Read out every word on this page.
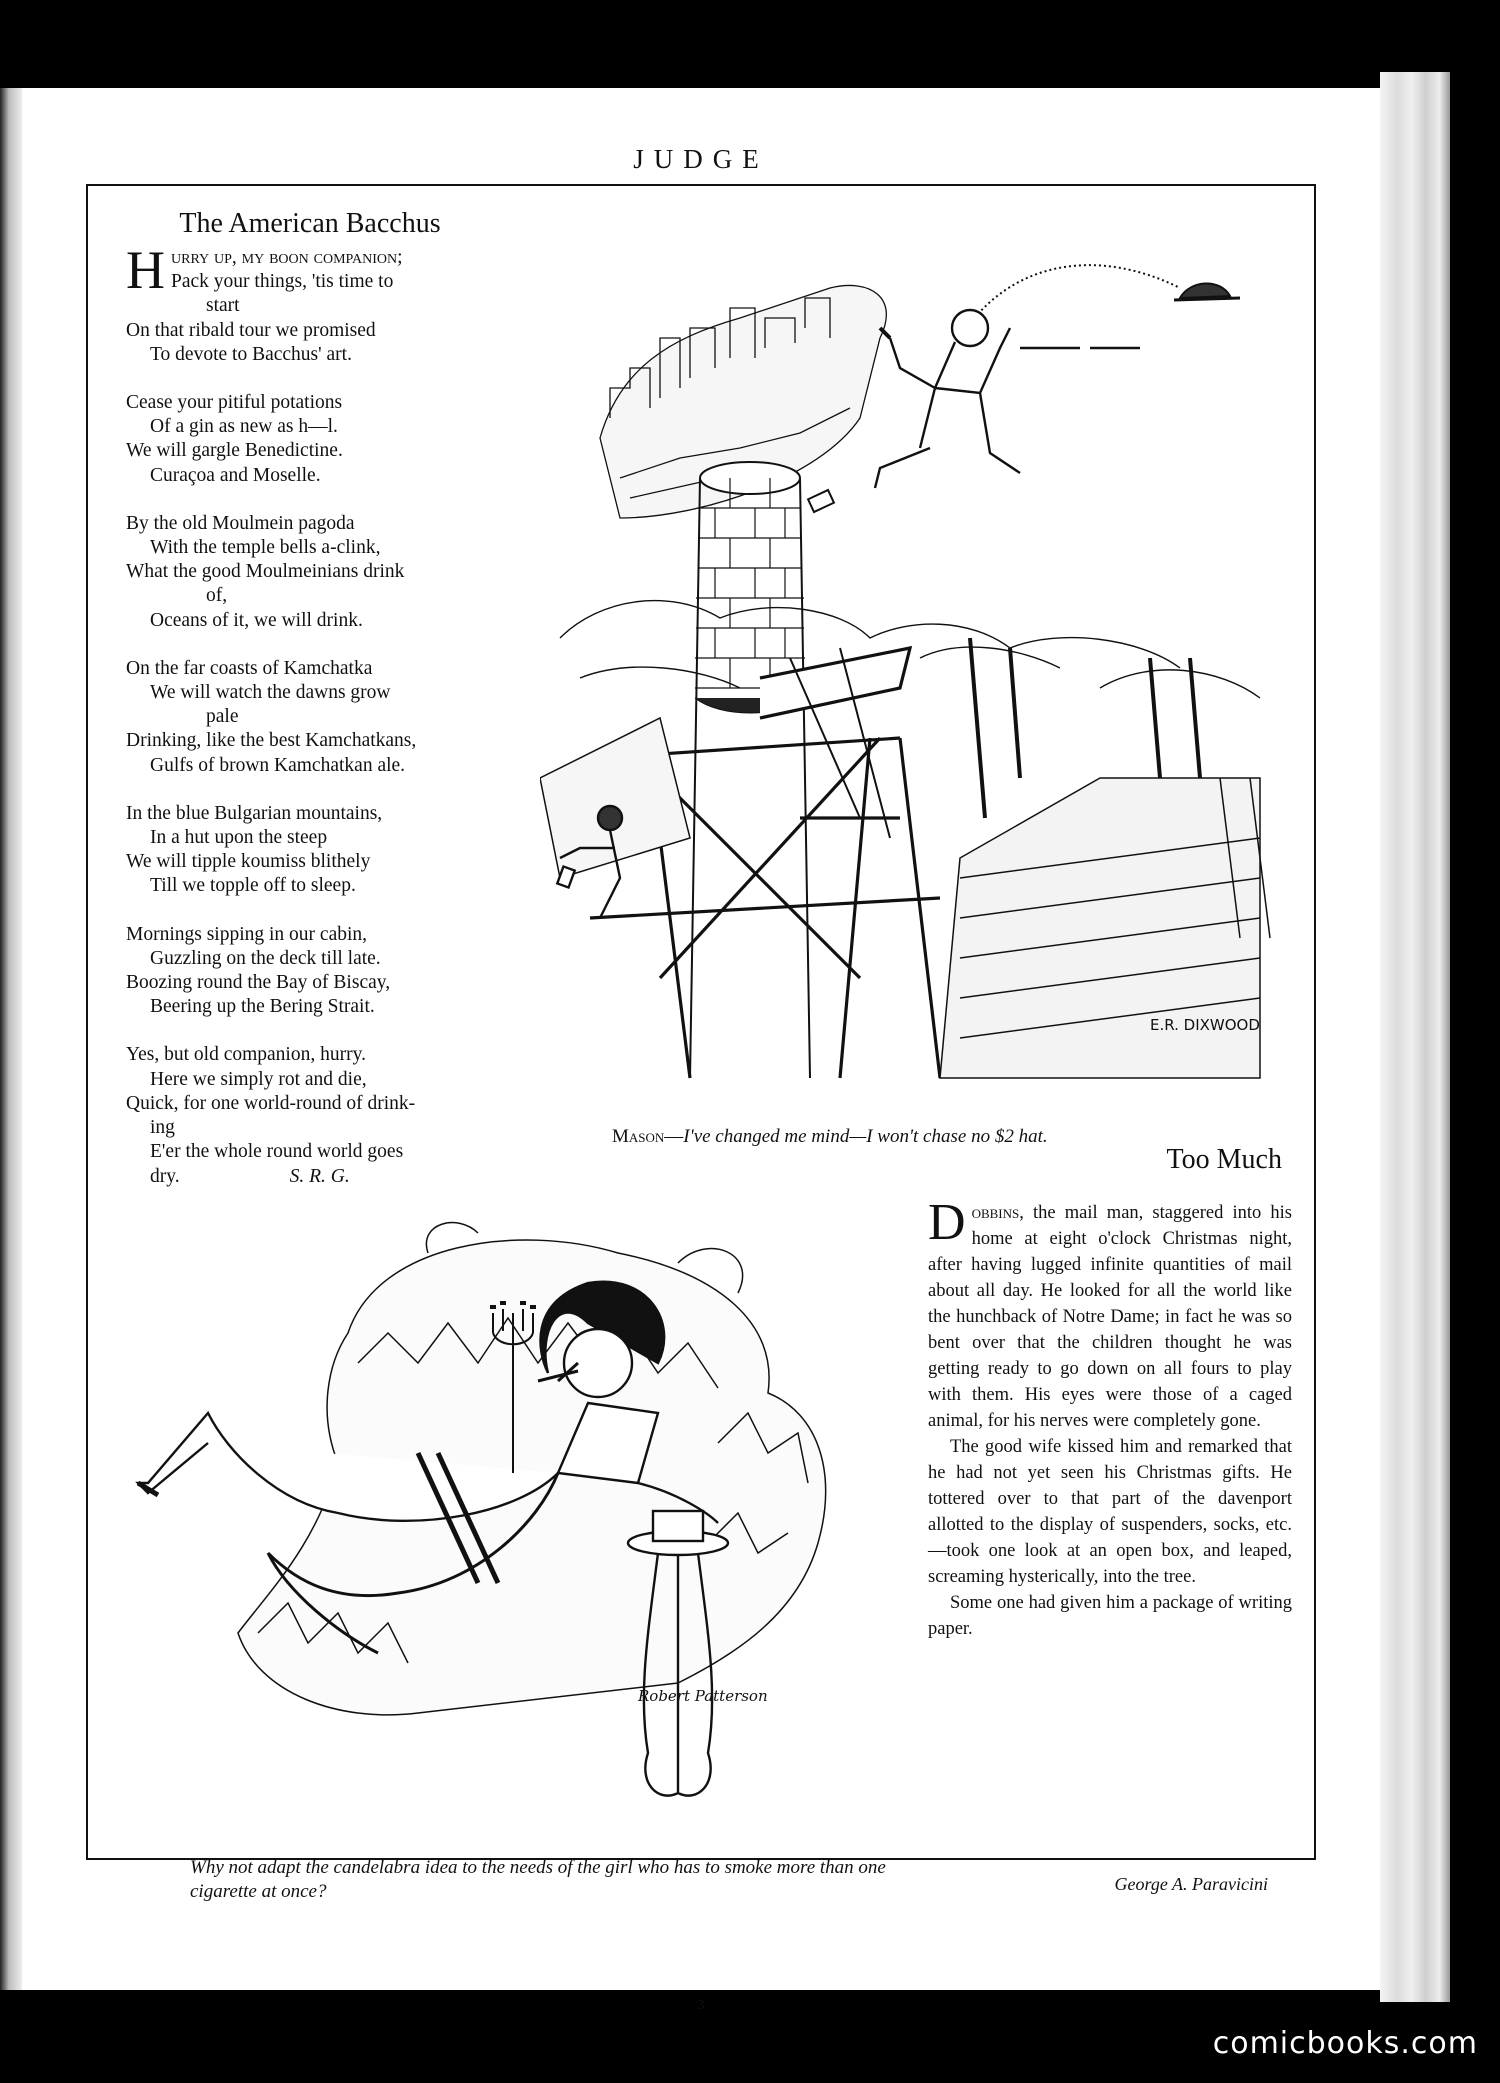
JUDGE
The American Bacchus
H urry up, my boon companion;
Pack your things, 'tis time to
start
On that ribald tour we promised
To devote to Bacchus' art.
Cease your pitiful potations
Of a gin as new as h—l.
We will gargle Benedictine.
Curaçoa and Moselle.
By the old Moulmein pagoda
With the temple bells a-clink,
What the good Moulmeinians drink
of,
Oceans of it, we will drink.
On the far coasts of Kamchatka
We will watch the dawns grow
pale
Drinking, like the best Kamchatkans,
Gulfs of brown Kamchatkan ale.
In the blue Bulgarian mountains,
In a hut upon the steep
We will tipple koumiss blithely
Till we topple off to sleep.
Mornings sipping in our cabin,
Guzzling on the deck till late.
Boozing round the Bay of Biscay,
Beering up the Bering Strait.
Yes, but old companion, hurry.
Here we simply rot and die,
Quick, for one world-round of drink-
ing
E'er the whole round world goes
dry.	S. R. G.
E.R. DIXWOOD
Mason—I've changed me mind—I won't chase no $2 hat.
Too Much

Dobbins, the mail man, staggered into his home at eight o'clock Christmas night, after having lugged infinite quantities of mail about all day. He looked for all the world like the hunchback of Notre Dame; in fact he was so bent over that the children thought he was getting ready to go down on all fours to play with them. His eyes were those of a caged animal, for his nerves were completely gone.

The good wife kissed him and remarked that he had not yet seen his Christmas gifts. He tottered over to that part of the davenport allotted to the display of suspenders, socks, etc.—took one look at an open box, and leaped, screaming hysterically, into the tree.

Some one had given him a package of writing paper.

George A. Paravicini
Robert Patterson
Why not adapt the candelabra idea to the needs of the girl who has to smoke more than one cigarette at once?
3
comicbooks.com
